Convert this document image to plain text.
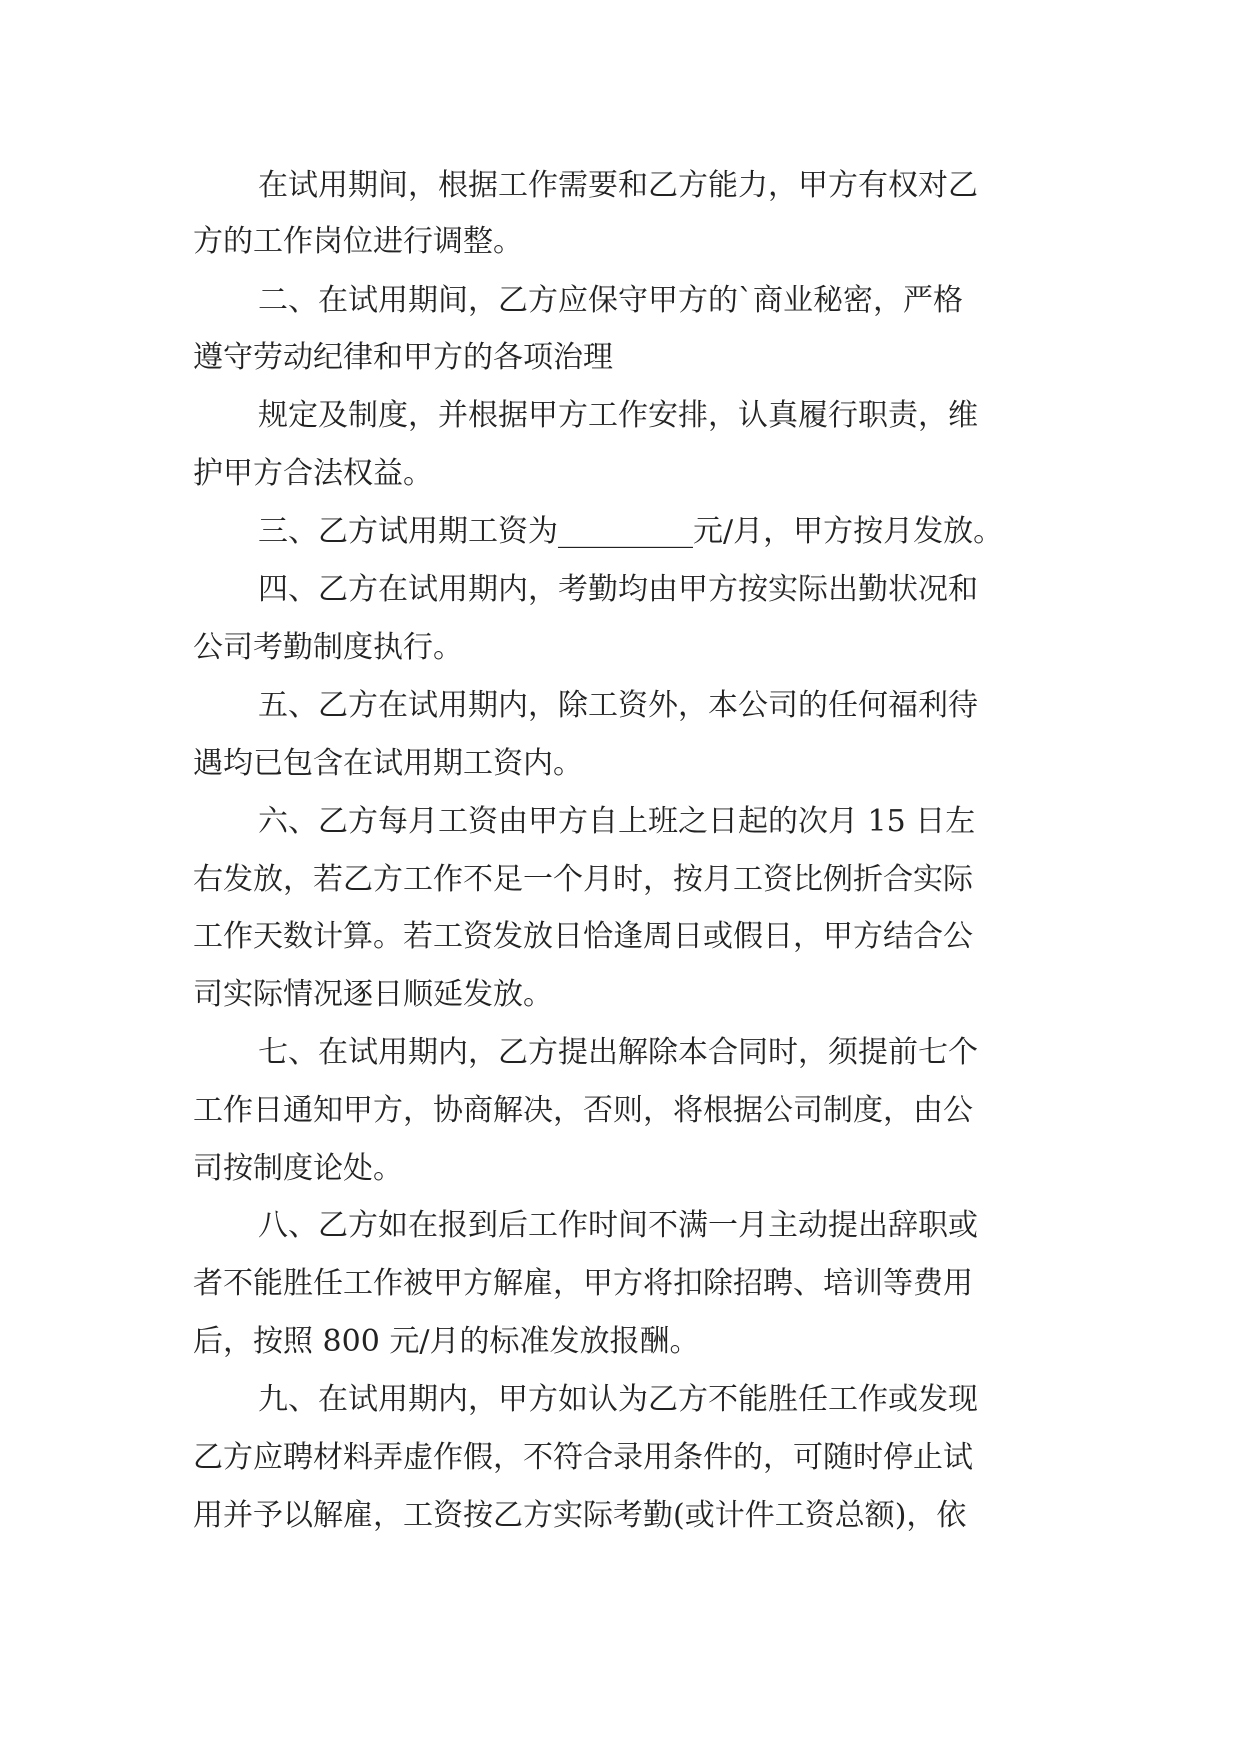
在试用期间，根据工作需要和乙方能力，甲方有权对乙
方的工作岗位进行调整。
二、在试用期间，乙方应保守甲方的`商业秘密，严格
遵守劳动纪律和甲方的各项治理
规定及制度，并根据甲方工作安排，认真履行职责，维
护甲方合法权益。
三、乙方试用期工资为_________元/月，甲方按月发放。
四、乙方在试用期内，考勤均由甲方按实际出勤状况和
公司考勤制度执行。
五、乙方在试用期内，除工资外，本公司的任何福利待
遇均已包含在试用期工资内。
六、乙方每月工资由甲方自上班之日起的次月 15 日左
右发放，若乙方工作不足一个月时，按月工资比例折合实际
工作天数计算。若工资发放日恰逢周日或假日，甲方结合公
司实际情况逐日顺延发放。
七、在试用期内，乙方提出解除本合同时，须提前七个
工作日通知甲方，协商解决，否则，将根据公司制度，由公
司按制度论处。
八、乙方如在报到后工作时间不满一月主动提出辞职或
者不能胜任工作被甲方解雇，甲方将扣除招聘、培训等费用
后，按照 800 元/月的标准发放报酬。
九、在试用期内，甲方如认为乙方不能胜任工作或发现
乙方应聘材料弄虚作假，不符合录用条件的，可随时停止试
用并予以解雇，工资按乙方实际考勤(或计件工资总额)，依
